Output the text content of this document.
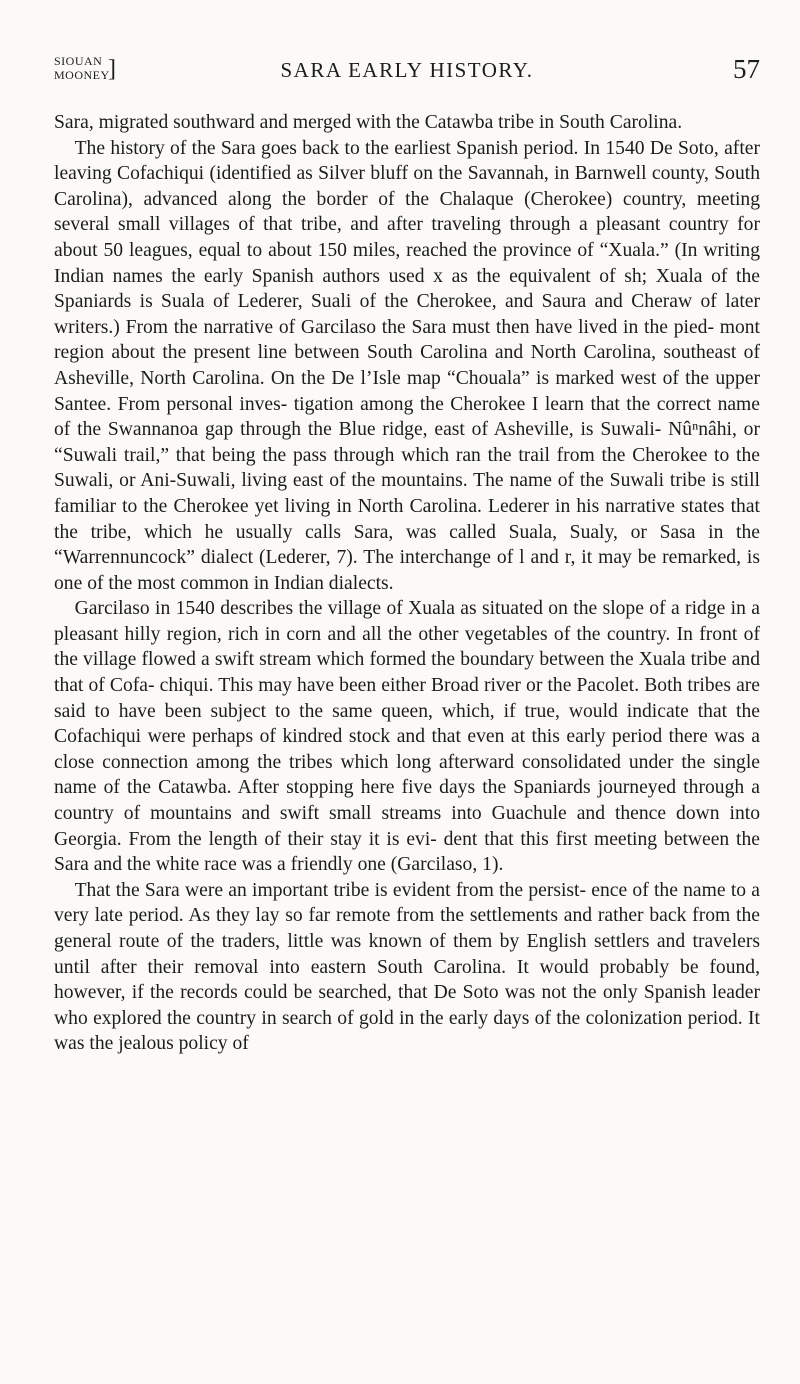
SIOUAN
MOONEY
]	SARA EARLY HISTORY.	57

Sara, migrated southward and merged with the Catawba tribe in South Carolina.

The history of the Sara goes back to the earliest Spanish period. In 1540 De Soto, after leaving Cofachiqui (identified as Silver bluff on the Savannah, in Barnwell county, South Carolina), advanced along the border of the Chalaque (Cherokee) country, meeting several small villages of that tribe, and after traveling through a pleasant country for about 50 leagues, equal to about 150 miles, reached the province of “Xuala.” (In writing Indian names the early Spanish authors used x as the equivalent of sh; Xuala of the Spaniards is Suala of Lederer, Suali of the Cherokee, and Saura and Cheraw of later writers.) From the narrative of Garcilaso the Sara must then have lived in the pied- mont region about the present line between South Carolina and North Carolina, southeast of Asheville, North Carolina. On the De l’Isle map “Chouala” is marked west of the upper Santee. From personal inves- tigation among the Cherokee I learn that the correct name of the Swannanoa gap through the Blue ridge, east of Asheville, is Suwali- Nûⁿnâhi, or “Suwali trail,” that being the pass through which ran the trail from the Cherokee to the Suwali, or Ani-Suwali, living east of the mountains. The name of the Suwali tribe is still familiar to the Cherokee yet living in North Carolina. Lederer in his narrative states that the tribe, which he usually calls Sara, was called Suala, Sualy, or Sasa in the “Warrennuncock” dialect (Lederer, 7). The interchange of l and r, it may be remarked, is one of the most common in Indian dialects.

Garcilaso in 1540 describes the village of Xuala as situated on the slope of a ridge in a pleasant hilly region, rich in corn and all the other vegetables of the country. In front of the village flowed a swift stream which formed the boundary between the Xuala tribe and that of Cofa- chiqui. This may have been either Broad river or the Pacolet. Both tribes are said to have been subject to the same queen, which, if true, would indicate that the Cofachiqui were perhaps of kindred stock and that even at this early period there was a close connection among the tribes which long afterward consolidated under the single name of the Catawba. After stopping here five days the Spaniards journeyed through a country of mountains and swift small streams into Guachule and thence down into Georgia. From the length of their stay it is evi- dent that this first meeting between the Sara and the white race was a friendly one (Garcilaso, 1).

That the Sara were an important tribe is evident from the persist- ence of the name to a very late period. As they lay so far remote from the settlements and rather back from the general route of the traders, little was known of them by English settlers and travelers until after their removal into eastern South Carolina. It would probably be found, however, if the records could be searched, that De Soto was not the only Spanish leader who explored the country in search of gold in the early days of the colonization period. It was the jealous policy of
